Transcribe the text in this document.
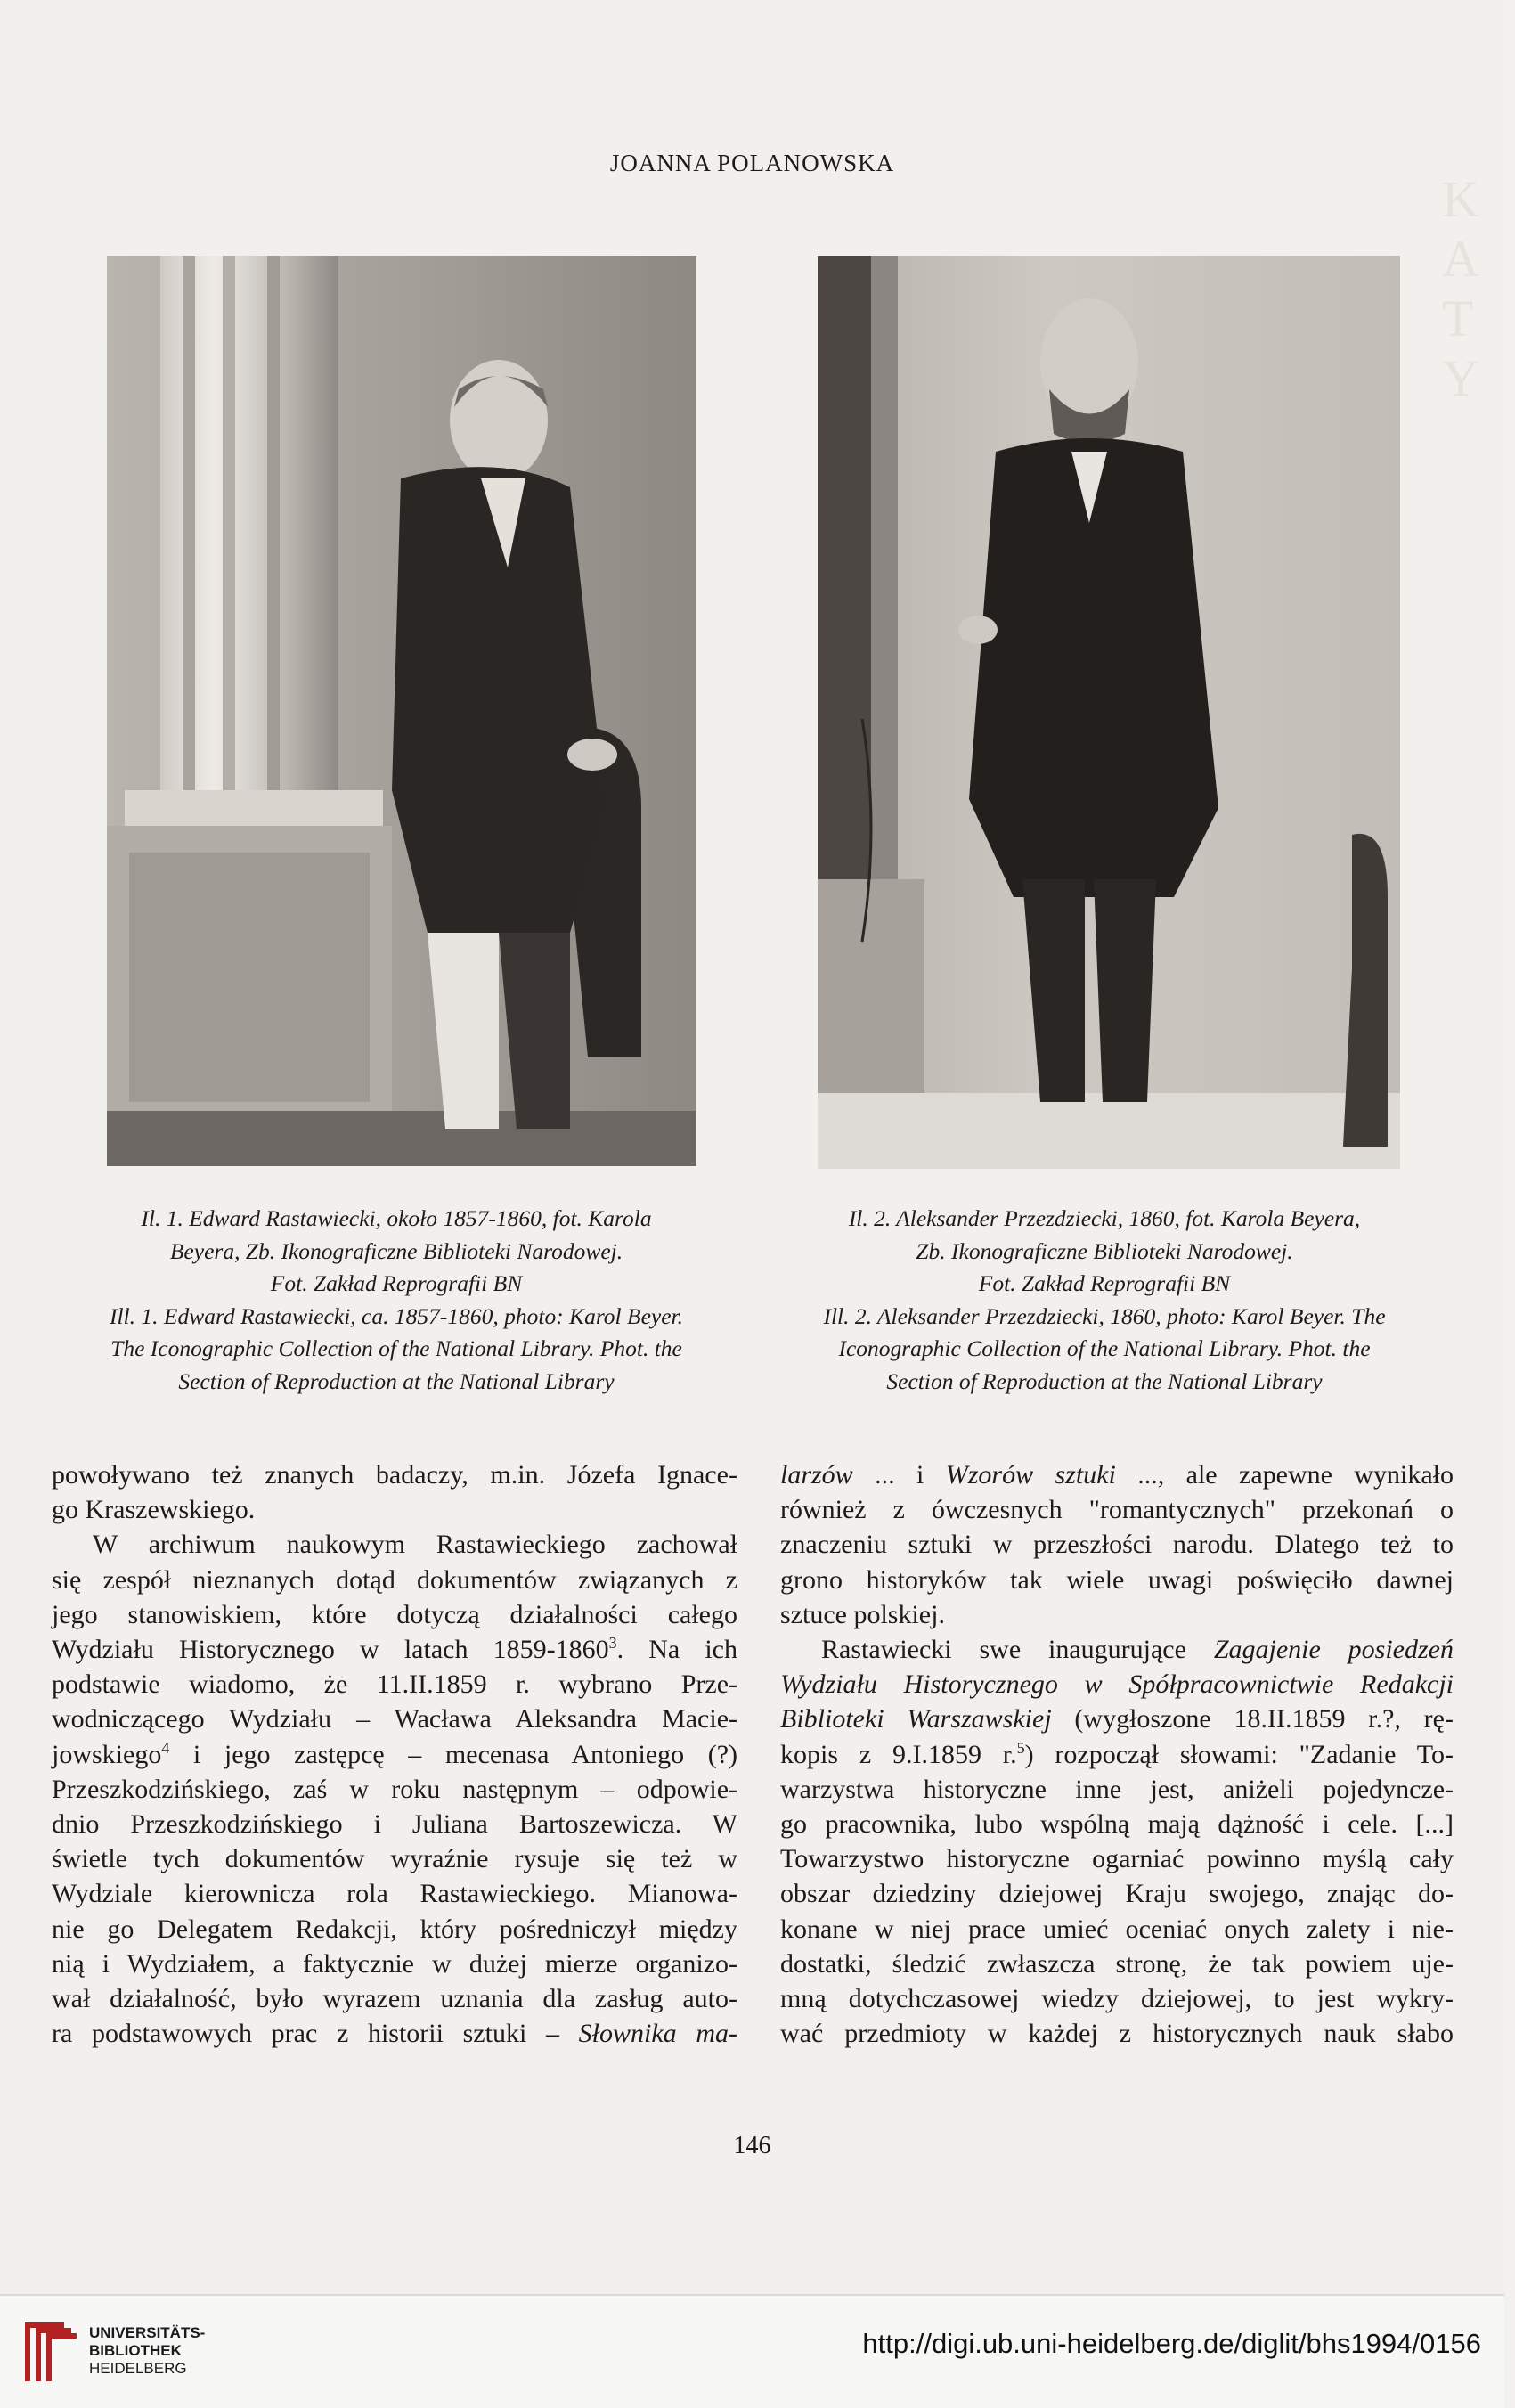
K
A
T
Y
JOANNA POLANOWSKA
Il. 1. Edward Rastawiecki, około 1857-1860, fot. Karola
Beyera, Zb. Ikonograficzne Biblioteki Narodowej.
Fot. Zakład Reprografii BN
Ill. 1. Edward Rastawiecki, ca. 1857-1860, photo: Karol Beyer.
The Iconographic Collection of the National Library. Phot. the
Section of Reproduction at the National Library
Il. 2. Aleksander Przezdziecki, 1860, fot. Karola Beyera,
Zb. Ikonograficzne Biblioteki Narodowej.
Fot. Zakład Reprografii BN
Ill. 2. Aleksander Przezdziecki, 1860, photo: Karol Beyer. The
Iconographic Collection of the National Library. Phot. the
Section of Reproduction at the National Library
powoływano też znanych badaczy, m.in. Józefa Ignace-
go Kraszewskiego.
W archiwum naukowym Rastawieckiego zachował
się zespół nieznanych dotąd dokumentów związanych z
jego stanowiskiem, które dotyczą działalności całego
Wydziału Historycznego w latach 1859-1860$^3$. Na ich
podstawie wiadomo, że 11.II.1859 r. wybrano Prze-
wodniczącego Wydziału – Wacława Aleksandra Macie-
jowskiego$^4$ i jego zastępcę – mecenasa Antoniego (?)
Przeszkodzińskiego, zaś w roku następnym – odpowie-
dnio Przeszkodzińskiego i Juliana Bartoszewicza. W
świetle tych dokumentów wyraźnie rysuje się też w
Wydziale kierownicza rola Rastawieckiego. Mianowa-
nie go Delegatem Redakcji, który pośredniczył między
nią i Wydziałem, a faktycznie w dużej mierze organizo-
wał działalność, było wyrazem uznania dla zasług auto-
ra podstawowych prac z historii sztuki – Słownika ma-
larzów ... i Wzorów sztuki ..., ale zapewne wynikało
również z ówczesnych "romantycznych" przekonań o
znaczeniu sztuki w przeszłości narodu. Dlatego też to
grono historyków tak wiele uwagi poświęciło dawnej
sztuce polskiej.
Rastawiecki swe inaugurujące Zagajenie posiedzeń
Wydziału Historycznego w Spółpracownictwie Redakcji
Biblioteki Warszawskiej (wygłoszone 18.II.1859 r.?, rę-
kopis z 9.I.1859 r.$^5$) rozpoczął słowami: "Zadanie To-
warzystwa historyczne inne jest, aniżeli pojedyncze-
go pracownika, lubo wspólną mają dążność i cele. [...]
Towarzystwo historyczne ogarniać powinno myślą cały
obszar dziedziny dziejowej Kraju swojego, znając do-
konane w niej prace umieć oceniać onych zalety i nie-
dostatki, śledzić zwłaszcza stronę, że tak powiem uje-
mną dotychczasowej wiedzy dziejowej, to jest wykry-
wać przedmioty w każdej z historycznych nauk słabo
146
UNIVERSITÄTS-
BIBLIOTHEK
HEIDELBERG
http://digi.ub.uni-heidelberg.de/diglit/bhs1994/0156
